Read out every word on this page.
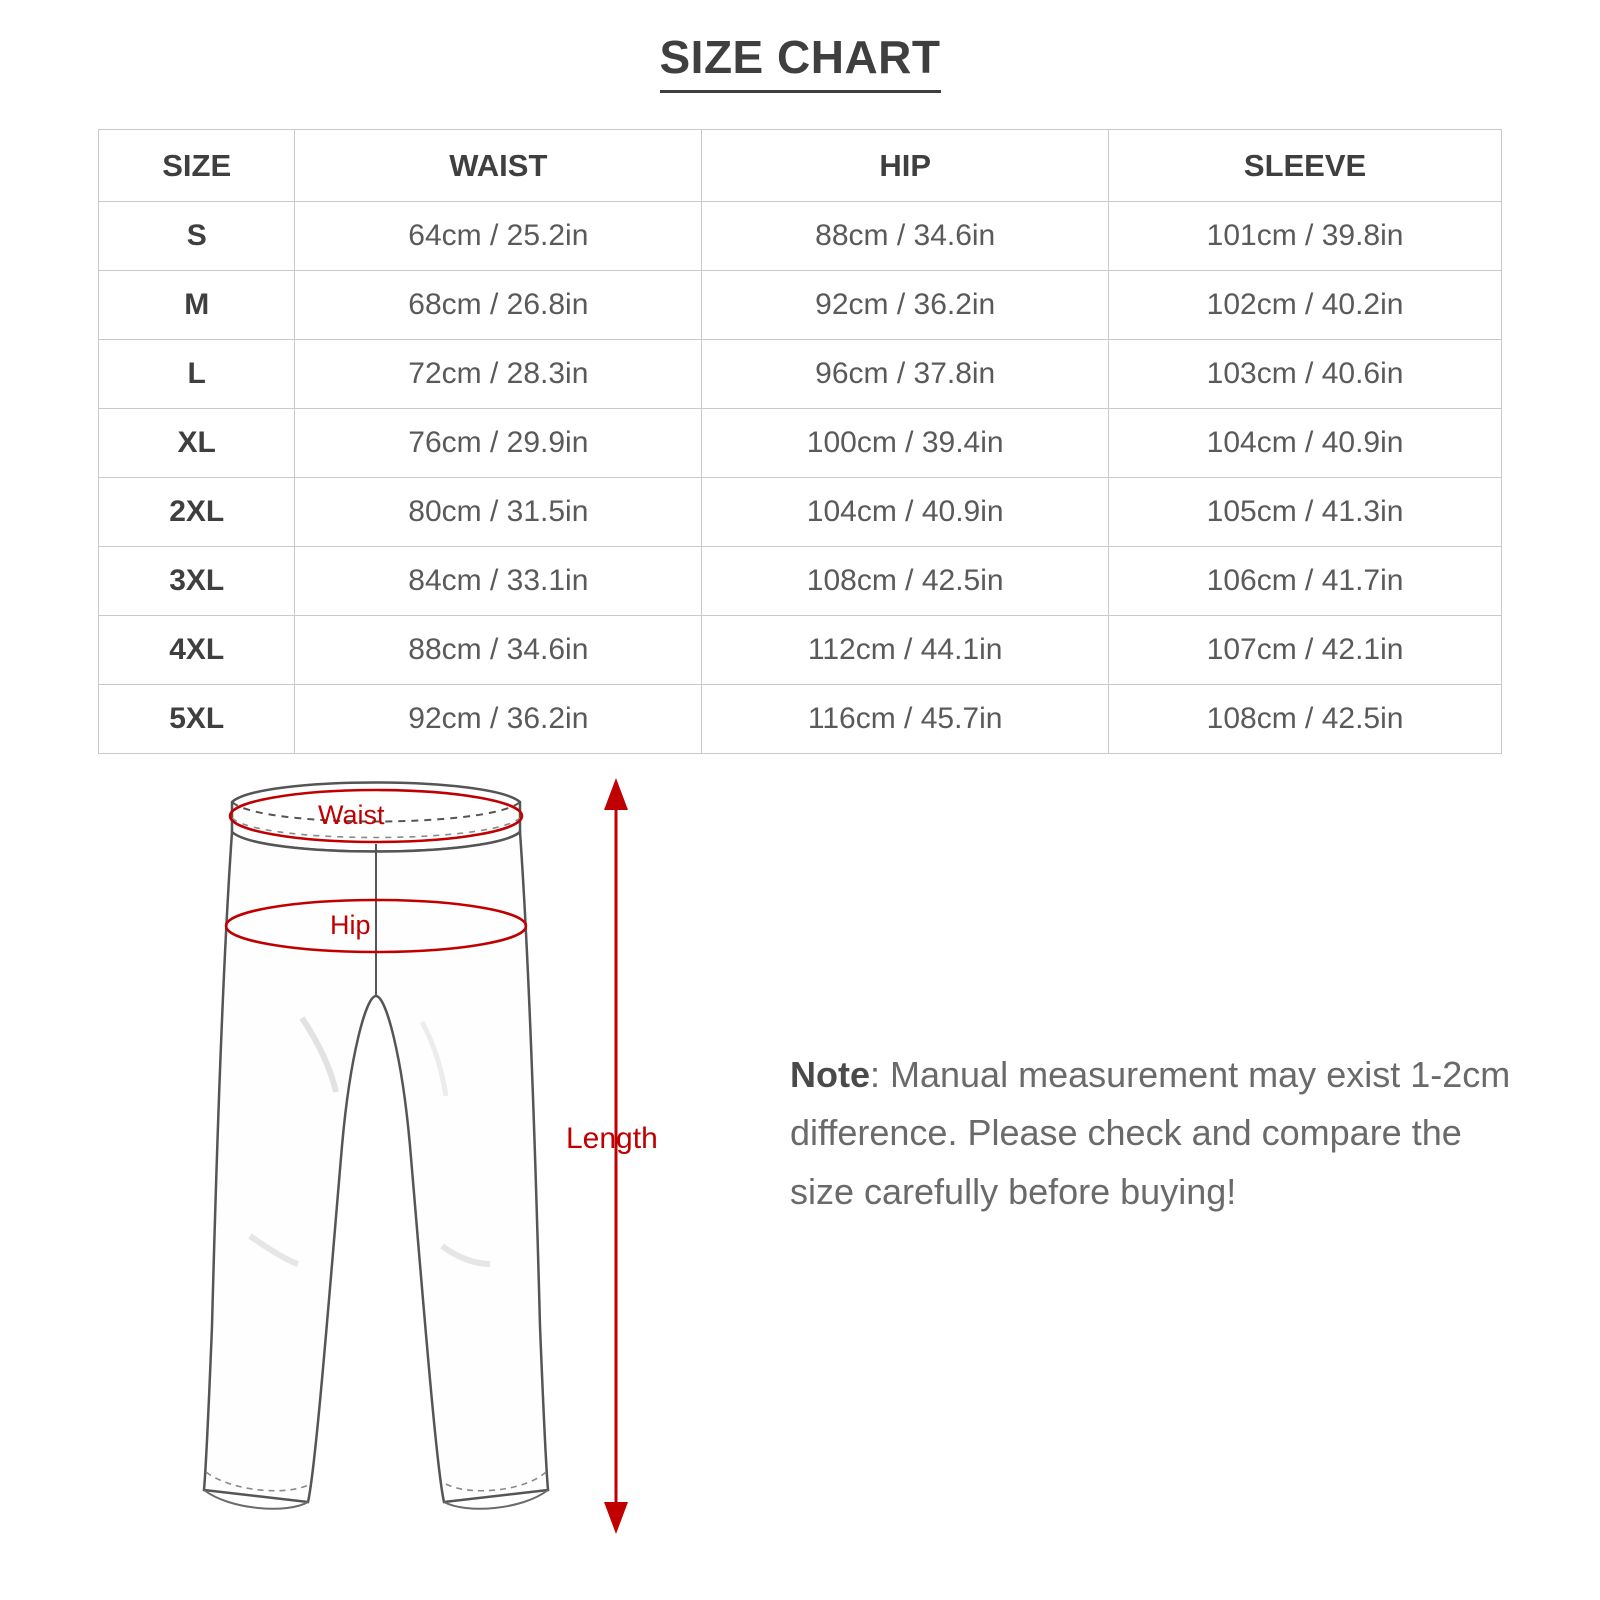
SIZE CHART
SIZE	WAIST	HIP	SLEEVE
S	64cm / 25.2in	88cm / 34.6in	101cm / 39.8in
M	68cm / 26.8in	92cm / 36.2in	102cm / 40.2in
L	72cm / 28.3in	96cm / 37.8in	103cm / 40.6in
XL	76cm / 29.9in	100cm / 39.4in	104cm / 40.9in
2XL	80cm / 31.5in	104cm / 40.9in	105cm / 41.3in
3XL	84cm / 33.1in	108cm / 42.5in	106cm / 41.7in
4XL	88cm / 34.6in	112cm / 44.1in	107cm / 42.1in
5XL	92cm / 36.2in	116cm / 45.7in	108cm / 42.5in
Waist
Hip
Length
Note: Manual measurement may exist 1-2cm difference. Please check and compare the size carefully before buying!
